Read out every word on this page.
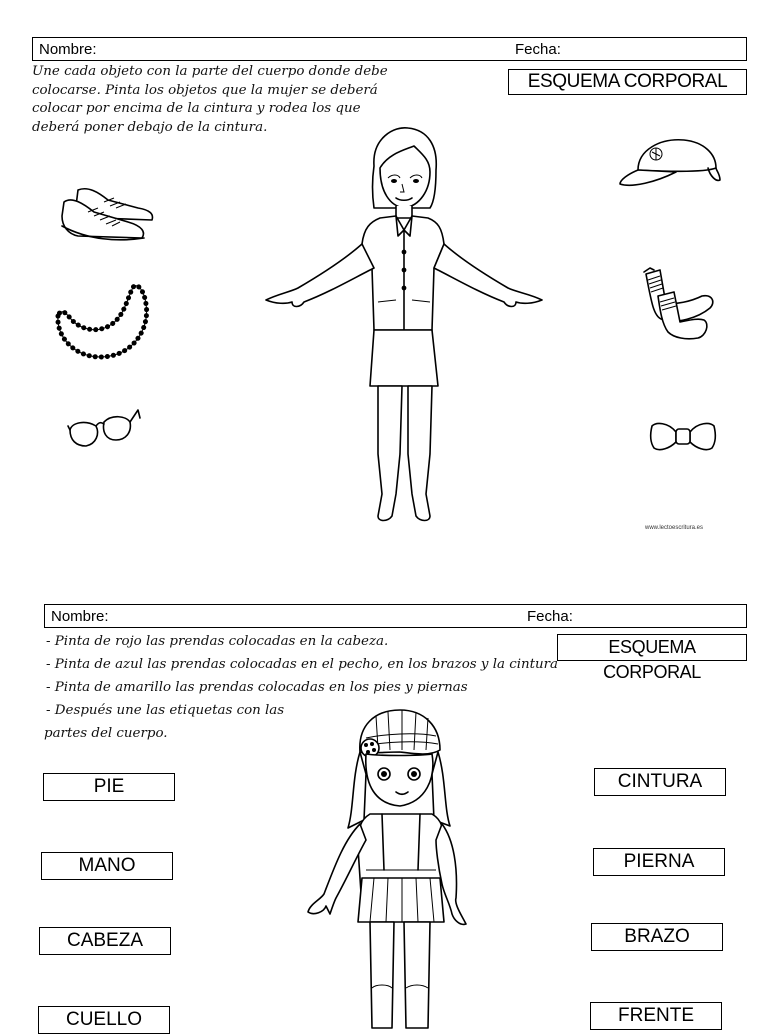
Nombre:	Fecha:
ESQUEMA CORPORAL

Une cada objeto con la parte del cuerpo donde debe

colocarse. Pinta los objetos que la mujer se deberá

colocar por encima de la cintura y rodea los que

deberá poner debajo de la cintura.

www.lectoescritura.es
Nombre:	Fecha:
ESQUEMA CORPORAL

- Pinta de rojo las prendas colocadas en la cabeza.

- Pinta de azul las prendas colocadas en el pecho, en los brazos y la cintura

- Pinta de amarillo las prendas colocadas en los pies y piernas

- Después une las etiquetas con las

partes del cuerpo.

PIE
MANO
CABEZA
CUELLO
CINTURA
PIERNA
BRAZO
FRENTE
